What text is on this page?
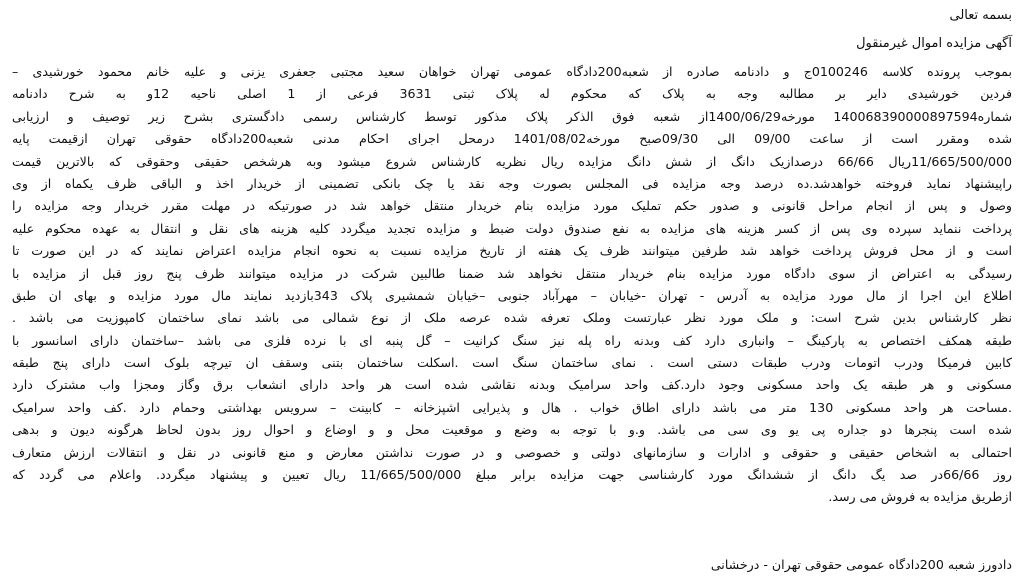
بسمه تعالی
آگهی مزایده اموال غیرمنقول
بموجب پرونده کلاسه 0100246ج و دادنامه صادره از شعبه200دادگاه عمومی تهران خواهان سعید مجتبی جعفری یزنی و علیه خانم محمود خورشیدی –
فردین خورشیدی دایر بر مطالبه وجه به پلاک که محکوم له پلاک ثبتی 3631 فرعی از 1 اصلی ناحیه 12و به شرح دادنامه
شماره140068390000897594 مورخه1400/06/29از شعبه فوق الذکر پلاک مذکور توسط کارشناس رسمی دادگستری بشرح زیر توصیف و ارزیابی
شده ومقرر است از ساعت 09/00 الی 09/30صبح مورخه1401/08/02 درمحل اجرای احکام مدنی شعبه200دادگاه حقوقی تهران ازقیمت پایه
11/665/500/000ریال 66/66 درصدازیک دانگ از شش دانگ مزایده ریال نظریه کارشناس شروع میشود وبه هرشخص حقیقی وحقوقی که بالاترین قیمت
راپیشنهاد نماید فروخته خواهدشد.ده درصد وجه مزایده فی المجلس بصورت وجه نقد یا چک بانکی تضمینی از خریدار اخذ و الباقی ظرف یکماه از وی
وصول و پس از انجام مراحل قانونی و صدور حکم تملیک مورد مزایده بنام خریدار منتقل خواهد شد در صورتیکه در مهلت مقرر خریدار وجه مزایده را
پرداخت ننماید سپرده وی پس از کسر هزینه های مزایده به نفع صندوق دولت ضبط و مزایده تجدید میگردد کلیه هزینه های نقل و انتقال به عهده محکوم علیه
است و از محل فروش پرداخت خواهد شد طرفین میتوانند ظرف یک هفته از تاریخ مزایده نسبت به نحوه انجام مزایده اعتراض نمایند که در این صورت تا
رسیدگی به اعتراض از سوی دادگاه مورد مزایده بنام خریدار منتقل نخواهد شد ضمنا طالبین شرکت در مزایده میتوانند ظرف پنج روز قبل از مزایده با
اطلاع این اجرا از مال مورد مزایده به آدرس - تهران -خیابان – مهرآباد جنوبی –خیابان شمشیری پلاک 343بازدید نمایند مال مورد مزایده و بهای ان طبق
نظر کارشناس بدین شرح است: و ملک مورد نظر عبارتست وملک تعرفه شده عرصه ملک از نوع شمالی می باشد نمای ساختمان کامپوزیت می باشد .
طبقه همکف اختصاص به پارکینگ – وانباری دارد کف وبدنه راه پله نیز سنگ کرانیت – گل پنبه ای با نرده فلزی می باشد –ساختمان دارای اسانسور با
کابین فرمیکا ودرب اتومات ودرب طبقات دستی است . نمای ساختمان سنگ است .اسکلت ساختمان بتنی وسقف ان تیرچه بلوک است دارای پنج طبقه
مسکونی و هر طبقه یک واحد مسکونی وجود دارد.کف واحد سرامیک وبدنه نقاشی شده است هر واحد دارای انشعاب برق وگاز ومجزا واب مشترک دارد
.مساحت هر واحد مسکونی 130 متر می باشد دارای اطاق خواب . هال و پذیرایی اشپزخانه – کابینت – سرویس بهداشتی وحمام دارد .کف واحد سرامیک
شده است پنجرها دو جداره پی یو وی سی می باشد. و.و با توجه به وضع و موقعیت محل و و اوضاع و احوال روز بدون لحاظ هرگونه دیون و بدهی
احتمالی به اشخاص حقیقی و حقوقی و ادارات و سازمانهای دولتی و خصوصی و در صورت نداشتن معارض و منع قانونی در نقل و انتقالات ارزش متعارف
روز 66/66در صد یگ دانگ از ششدانگ مورد کارشناسی جهت مزایده برابر مبلغ 11/665/500/000 ریال تعیین و پیشنهاد میگردد. واعلام می گردد که
ازطریق مزایده به فروش می رسد.
دادورز شعبه 200دادگاه عمومی حقوقی تهران - درخشانی
